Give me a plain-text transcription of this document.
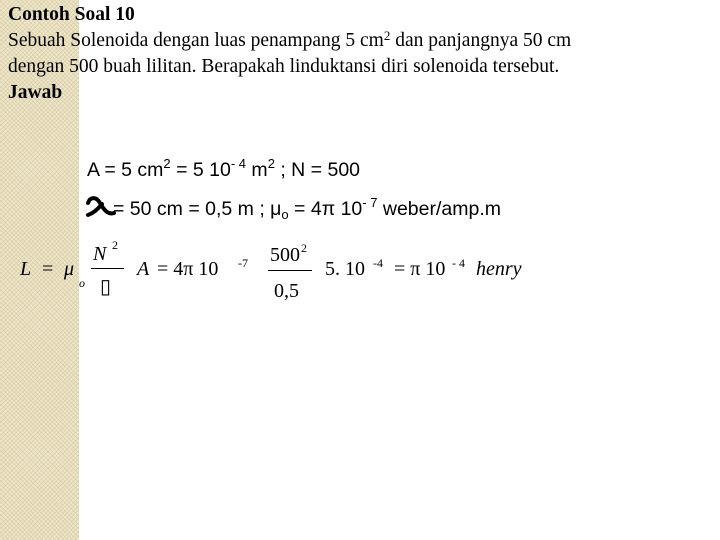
Contoh Soal 10
Sebuah Solenoida dengan luas penampang 5 $cm^2$ dan panjangnya 50 cm
dengan 500 buah lilitan. Berapakah linduktansi diri solenoida tersebut.
Jawab
A = 5 $cm^2 = 5$ $10^{- 4}$ $m^2$ ; N = 500
= 50 cm = 0,5 m ; $\mu_o = 4\pi$ $10^{- 7}$ weber/amp.m
L = μ
o
N 2
▯
A = 4π 10 -7 500 2
0,5
5. 10 -4 = π 10 - 4 henry
